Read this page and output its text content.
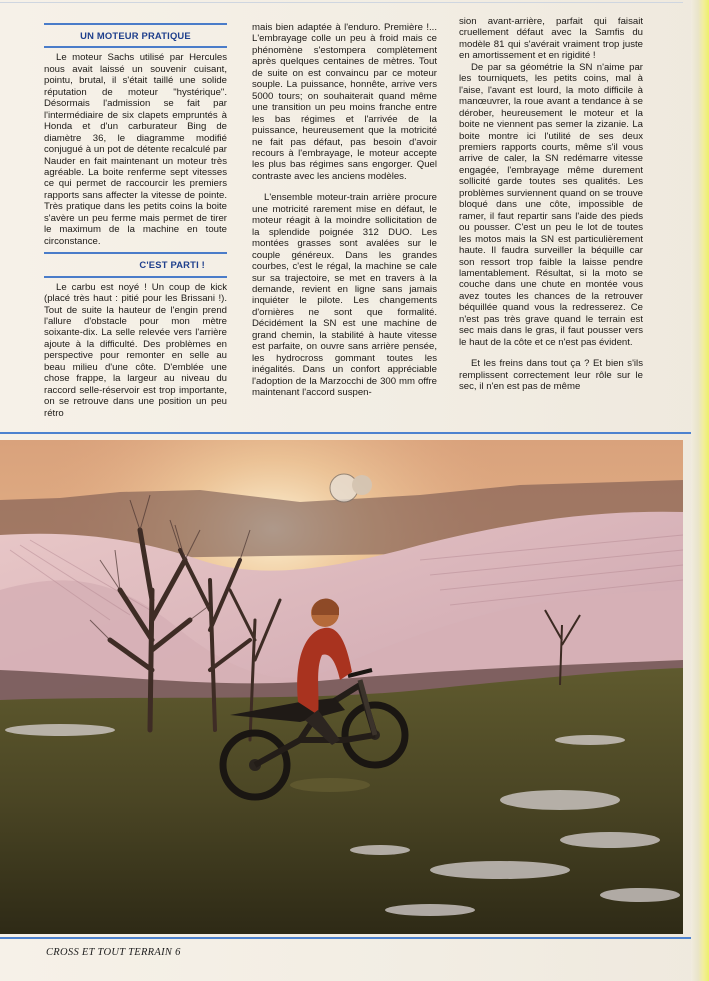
UN MOTEUR PRATIQUE

Le moteur Sachs utilisé par Hercules nous avait laissé un souvenir cuisant, pointu, brutal, il s'était taillé une solide réputation de moteur "hystérique". Désormais l'admission se fait par l'intermédiaire de six clapets empruntés à Honda et d'un carburateur Bing de diamètre 36, le diagramme modifié conjugué à un pot de détente recalculé par Nauder en fait maintenant un moteur très agréable. La boite renferme sept vitesses ce qui permet de raccourcir les premiers rapports sans affecter la vitesse de pointe. Très pratique dans les petits coins la boite s'avère un peu ferme mais permet de tirer le maximum de la machine en toute circonstance.

C'EST PARTI !

Le carbu est noyé ! Un coup de kick (placé très haut : pitié pour les Brissani !). Tout de suite la hauteur de l'engin prend l'allure d'obstacle pour mon mètre soixante-dix. La selle relevée vers l'arrière ajoute à la difficulté. Des problèmes en perspective pour remonter en selle au beau milieu d'une côte. D'emblée une chose frappe, la largeur au niveau du raccord selle-réservoir est trop importante, on se retrouve dans une position un peu rétro

mais bien adaptée à l'enduro. Première !... L'embrayage colle un peu à froid mais ce phénomène s'estompera complètement après quelques centaines de mètres. Tout de suite on est convaincu par ce moteur souple. La puissance, honnête, arrive vers 5000 tours; on souhaiterait quand même une transition un peu moins franche entre les bas régimes et l'arrivée de la puissance, heureusement que la motricité ne fait pas défaut, pas besoin d'avoir recours à l'embrayage, le moteur accepte les plus bas régimes sans engorger. Quel contraste avec les anciens modèles.

L'ensemble moteur-train arrière procure une motricité rarement mise en défaut, le moteur réagit à la moindre sollicitation de la splendide poignée 312 DUO. Les montées grasses sont avalées sur le couple généreux. Dans les grandes courbes, c'est le régal, la machine se cale sur sa trajectoire, se met en travers à la demande, revient en ligne sans jamais inquiéter le pilote. Les changements d'ornières ne sont que formalité. Décidément la SN est une machine de grand chemin, la stabilité à haute vitesse est parfaite, on ouvre sans arrière pensée, les hydrocross gommant toutes les inégalités. Dans un confort appréciable l'adoption de la Marzocchi de 300 mm offre maintenant l'accord suspen-

sion avant-arrière, parfait qui faisait cruellement défaut avec la Samfis du modèle 81 qui s'avérait vraiment trop juste en amortissement et en rigidité !

De par sa géométrie la SN n'aime par les tourniquets, les petits coins, mal à l'aise, l'avant est lourd, la moto difficile à manœuvrer, la roue avant a tendance à se dérober, heureusement le moteur et la boite ne viennent pas semer la zizanie. La boite montre ici l'utilité de ses deux premiers rapports courts, même s'il vous arrive de caler, la SN redémarre vitesse engagée, l'embrayage même durement sollicité garde toutes ses qualités. Les problèmes surviennent quand on se trouve bloqué dans une côte, impossible de ramer, il faut repartir sans l'aide des pieds ou pousser. C'est un peu le lot de toutes les motos mais la SN est particulièrement haute. Il faudra surveiller la béquille car son ressort trop faible la laisse pendre lamentablement. Résultat, si la moto se couche dans une chute en montée vous avez toutes les chances de la retrouver béquillée quand vous la redresserez. Ce n'est pas très grave quand le terrain est sec mais dans le gras, il faut pousser vers le haut de la côte et ce n'est pas évident.

Et les freins dans tout ça ? Et bien s'ils remplissent correctement leur rôle sur le sec, il n'en est pas de même

CROSS ET TOUT TERRAIN 6
